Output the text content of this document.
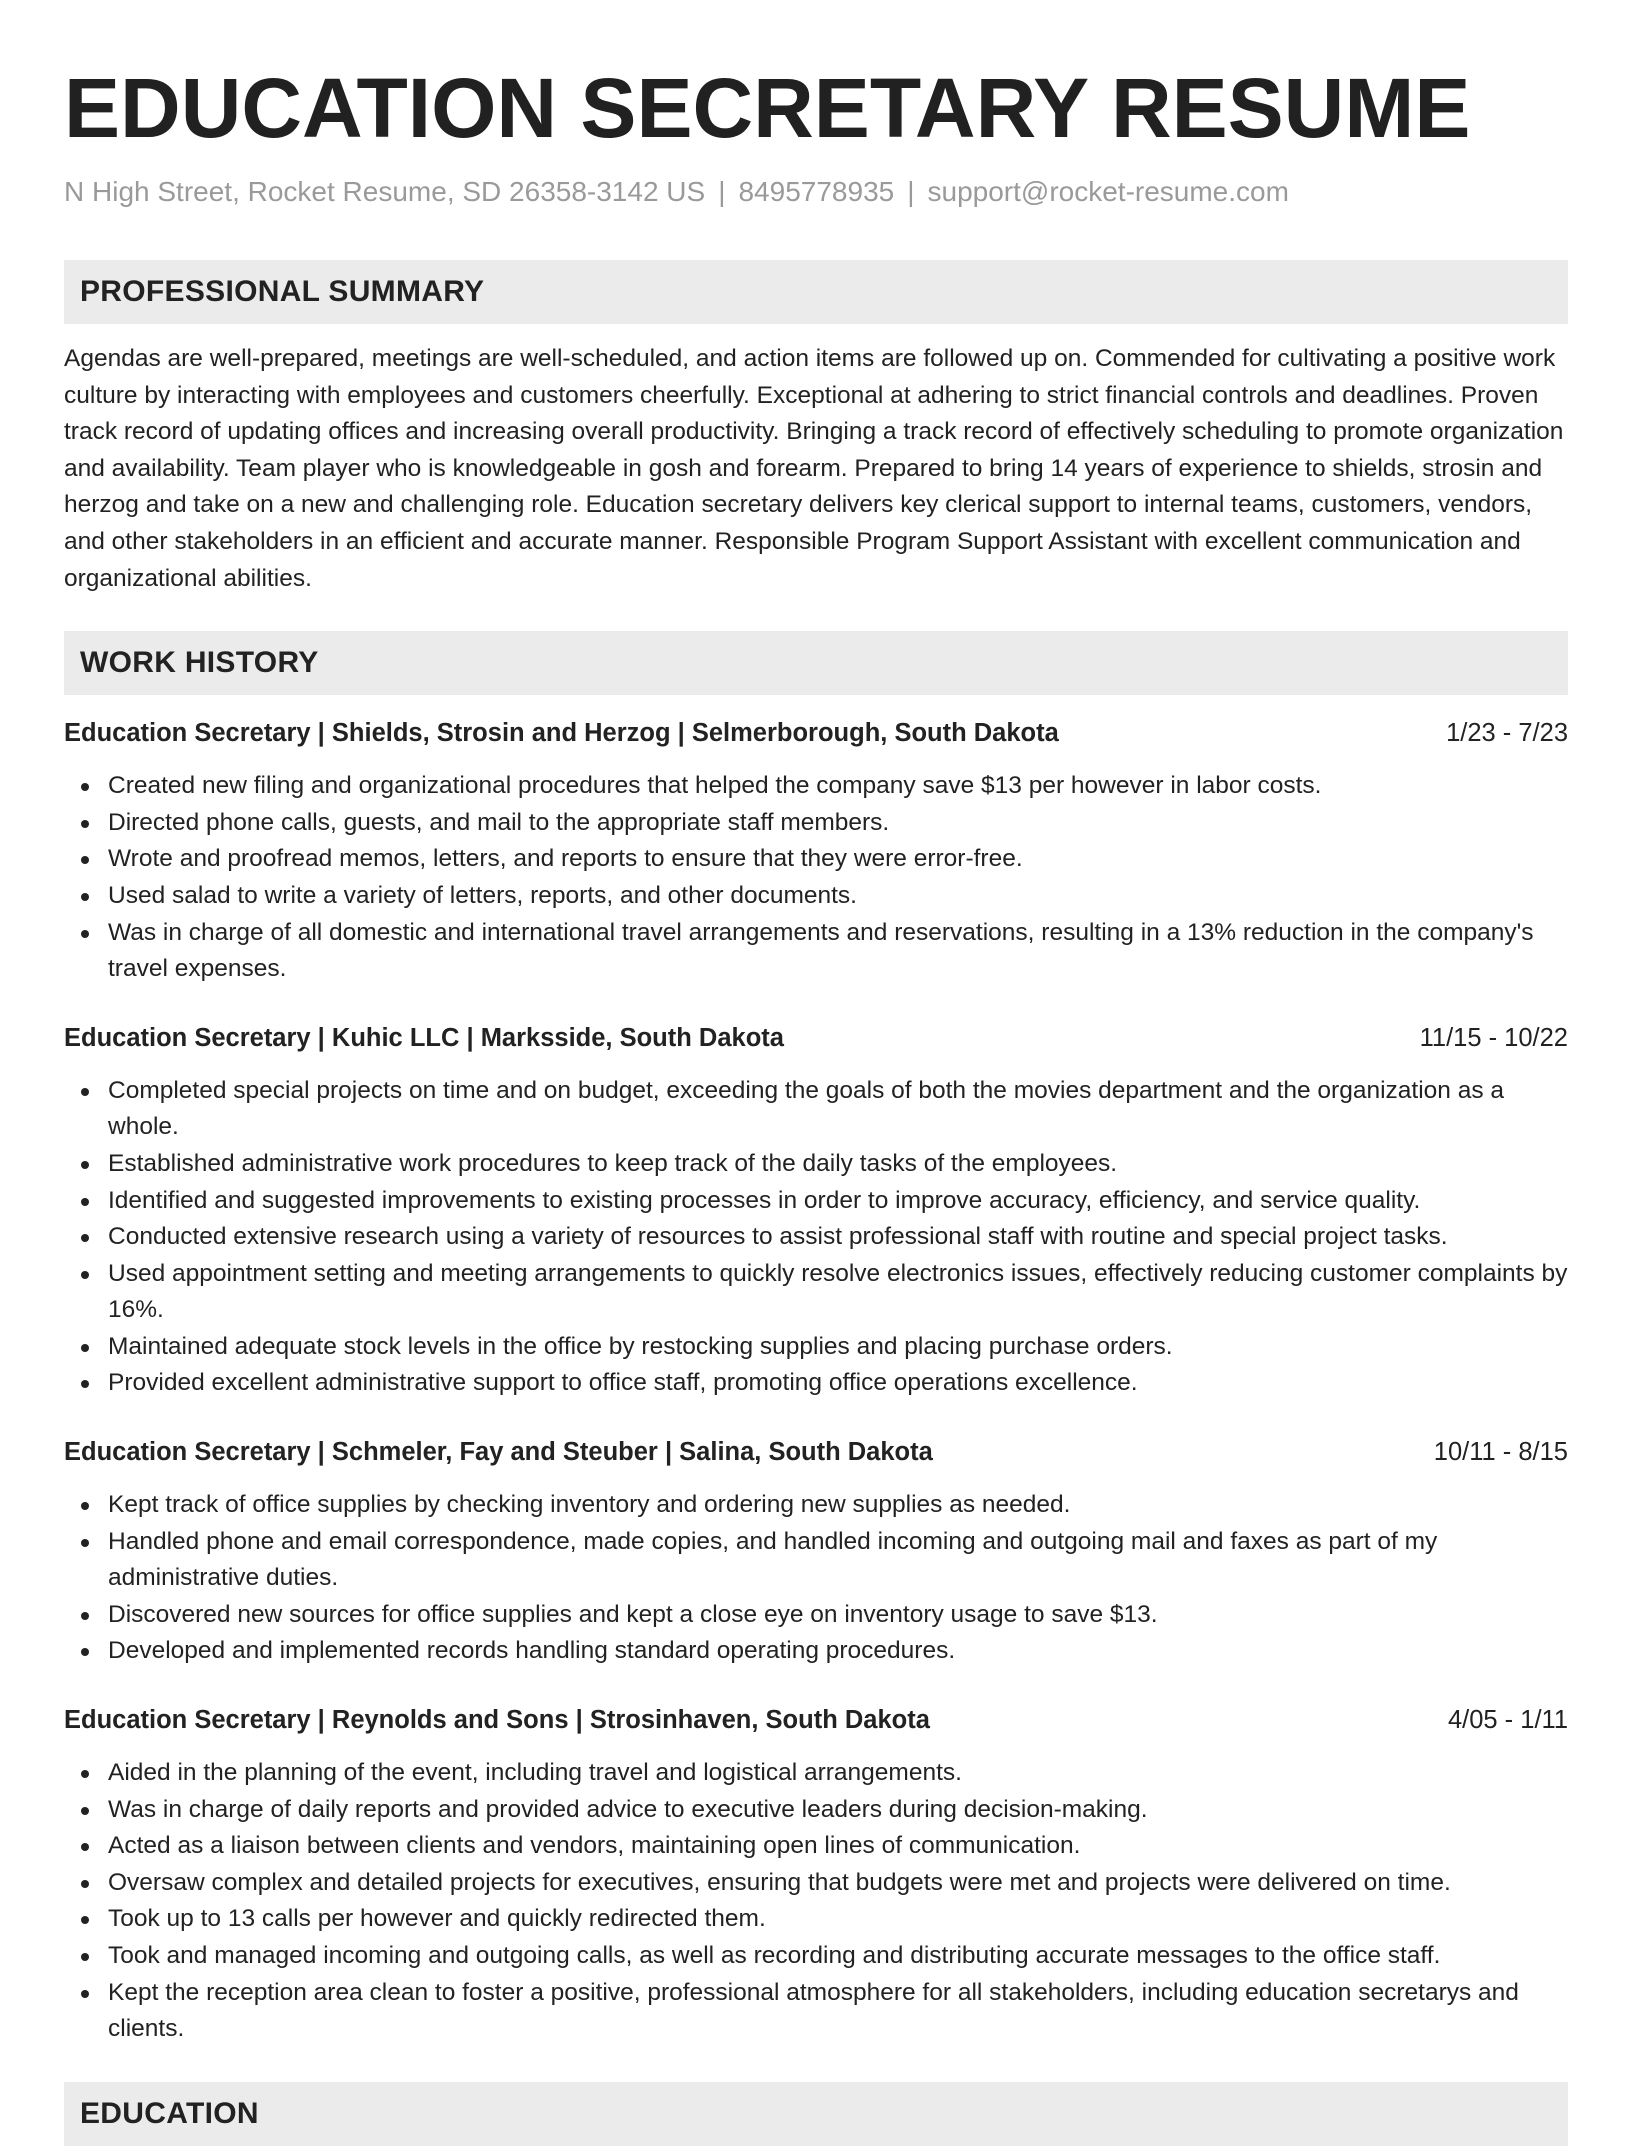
EDUCATION SECRETARY RESUME
N High Street, Rocket Resume, SD 26358-3142 US | 8495778935 | support@rocket-resume.com
PROFESSIONAL SUMMARY
Agendas are well-prepared, meetings are well-scheduled, and action items are followed up on. Commended for cultivating a positive work culture by interacting with employees and customers cheerfully. Exceptional at adhering to strict financial controls and deadlines. Proven track record of updating offices and increasing overall productivity. Bringing a track record of effectively scheduling to promote organization and availability. Team player who is knowledgeable in gosh and forearm. Prepared to bring 14 years of experience to shields, strosin and herzog and take on a new and challenging role. Education secretary delivers key clerical support to internal teams, customers, vendors, and other stakeholders in an efficient and accurate manner. Responsible Program Support Assistant with excellent communication and organizational abilities.
WORK HISTORY
Education Secretary | Shields, Strosin and Herzog | Selmerborough, South Dakota	1/23 - 7/23
Created new filing and organizational procedures that helped the company save $13 per however in labor costs.
Directed phone calls, guests, and mail to the appropriate staff members.
Wrote and proofread memos, letters, and reports to ensure that they were error-free.
Used salad to write a variety of letters, reports, and other documents.
Was in charge of all domestic and international travel arrangements and reservations, resulting in a 13% reduction in the company's travel expenses.
Education Secretary | Kuhic LLC | Marksside, South Dakota	11/15 - 10/22
Completed special projects on time and on budget, exceeding the goals of both the movies department and the organization as a whole.
Established administrative work procedures to keep track of the daily tasks of the employees.
Identified and suggested improvements to existing processes in order to improve accuracy, efficiency, and service quality.
Conducted extensive research using a variety of resources to assist professional staff with routine and special project tasks.
Used appointment setting and meeting arrangements to quickly resolve electronics issues, effectively reducing customer complaints by 16%.
Maintained adequate stock levels in the office by restocking supplies and placing purchase orders.
Provided excellent administrative support to office staff, promoting office operations excellence.
Education Secretary | Schmeler, Fay and Steuber | Salina, South Dakota	10/11 - 8/15
Kept track of office supplies by checking inventory and ordering new supplies as needed.
Handled phone and email correspondence, made copies, and handled incoming and outgoing mail and faxes as part of my administrative duties.
Discovered new sources for office supplies and kept a close eye on inventory usage to save $13.
Developed and implemented records handling standard operating procedures.
Education Secretary | Reynolds and Sons | Strosinhaven, South Dakota	4/05 - 1/11
Aided in the planning of the event, including travel and logistical arrangements.
Was in charge of daily reports and provided advice to executive leaders during decision-making.
Acted as a liaison between clients and vendors, maintaining open lines of communication.
Oversaw complex and detailed projects for executives, ensuring that budgets were met and projects were delivered on time.
Took up to 13 calls per however and quickly redirected them.
Took and managed incoming and outgoing calls, as well as recording and distributing accurate messages to the office staff.
Kept the reception area clean to foster a positive, professional atmosphere for all stakeholders, including education secretarys and clients.
EDUCATION
